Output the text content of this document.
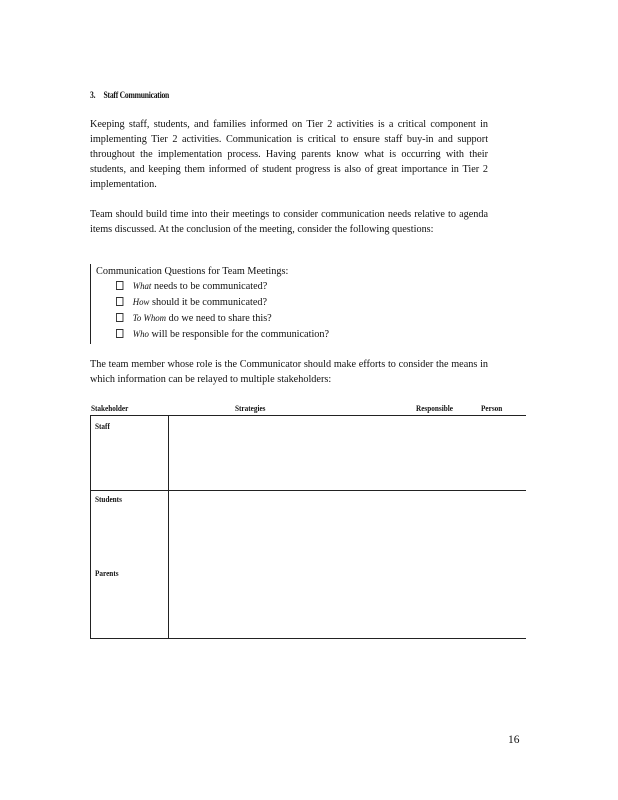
3. Staff Communication
Keeping staff, students, and families informed on Tier 2 activities is a critical component in implementing Tier 2 activities. Communication is critical to ensure staff buy-in and support throughout the implementation process. Having parents know what is occurring with their students, and keeping them informed of student progress is also of great importance in Tier 2 implementation.
Team should build time into their meetings to consider communication needs relative to agenda items discussed. At the conclusion of the meeting, consider the following questions:
Communication Questions for Team Meetings:
What needs to be communicated?
How should it be communicated?
To Whom do we need to share this?
Who will be responsible for the communication?
The team member whose role is the Communicator should make efforts to consider the means in which information can be relayed to multiple stakeholders:
Stakeholder	Strategies	Responsible	Person
Staff
Students
Parents
16
